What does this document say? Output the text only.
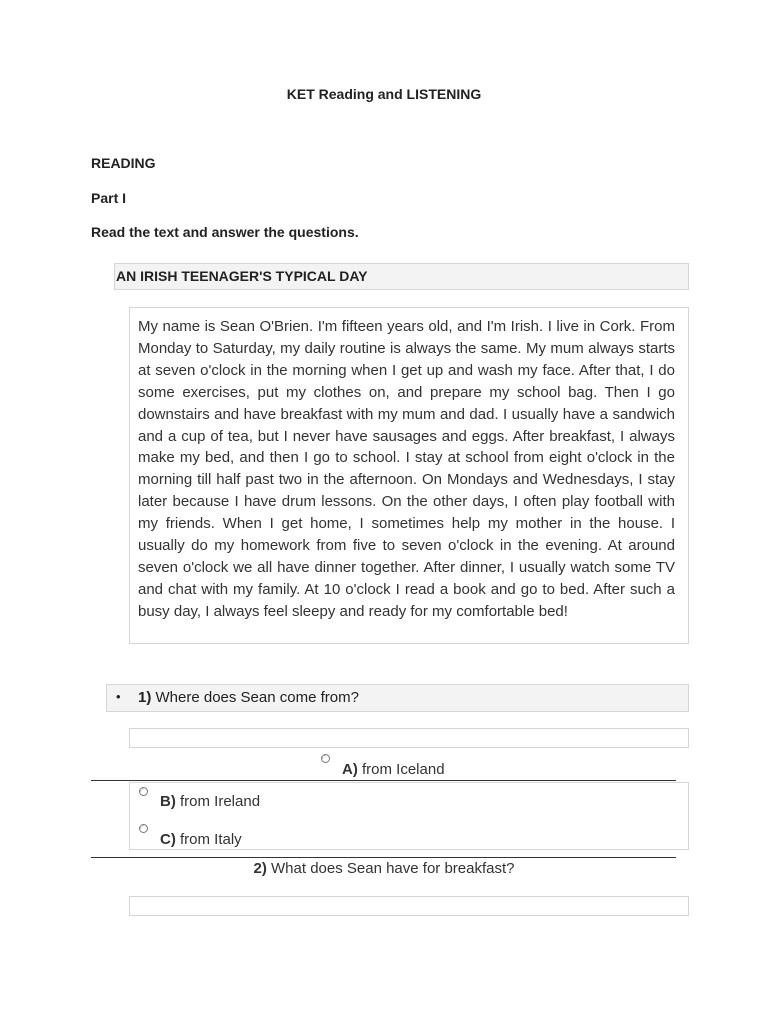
KET Reading and LISTENING
READING
Part I
Read the text and answer the questions.
AN IRISH TEENAGER'S TYPICAL DAY

My name is Sean O'Brien. I'm fifteen years old, and I'm Irish. I live in Cork. From Monday to Saturday, my daily routine is always the same. My mum always starts at seven o'clock in the morning when I get up and wash my face. After that, I do some exercises, put my clothes on, and prepare my school bag. Then I go downstairs and have breakfast with my mum and dad. I usually have a sandwich and a cup of tea, but I never have sausages and eggs. After breakfast, I always make my bed, and then I go to school. I stay at school from eight o'clock in the morning till half past two in the afternoon. On Mondays and Wednesdays, I stay later because I have drum lessons. On the other days, I often play football with my friends. When I get home, I sometimes help my mother in the house. I usually do my homework from five to seven o'clock in the evening. At around seven o'clock we all have dinner together. After dinner, I usually watch some TV and chat with my family. At 10 o'clock I read a book and go to bed. After such a busy day, I always feel sleepy and ready for my comfortable bed!

• 1) Where does Sean come from?
A) from Iceland
B) from Ireland
C) from Italy
2) What does Sean have for breakfast?
